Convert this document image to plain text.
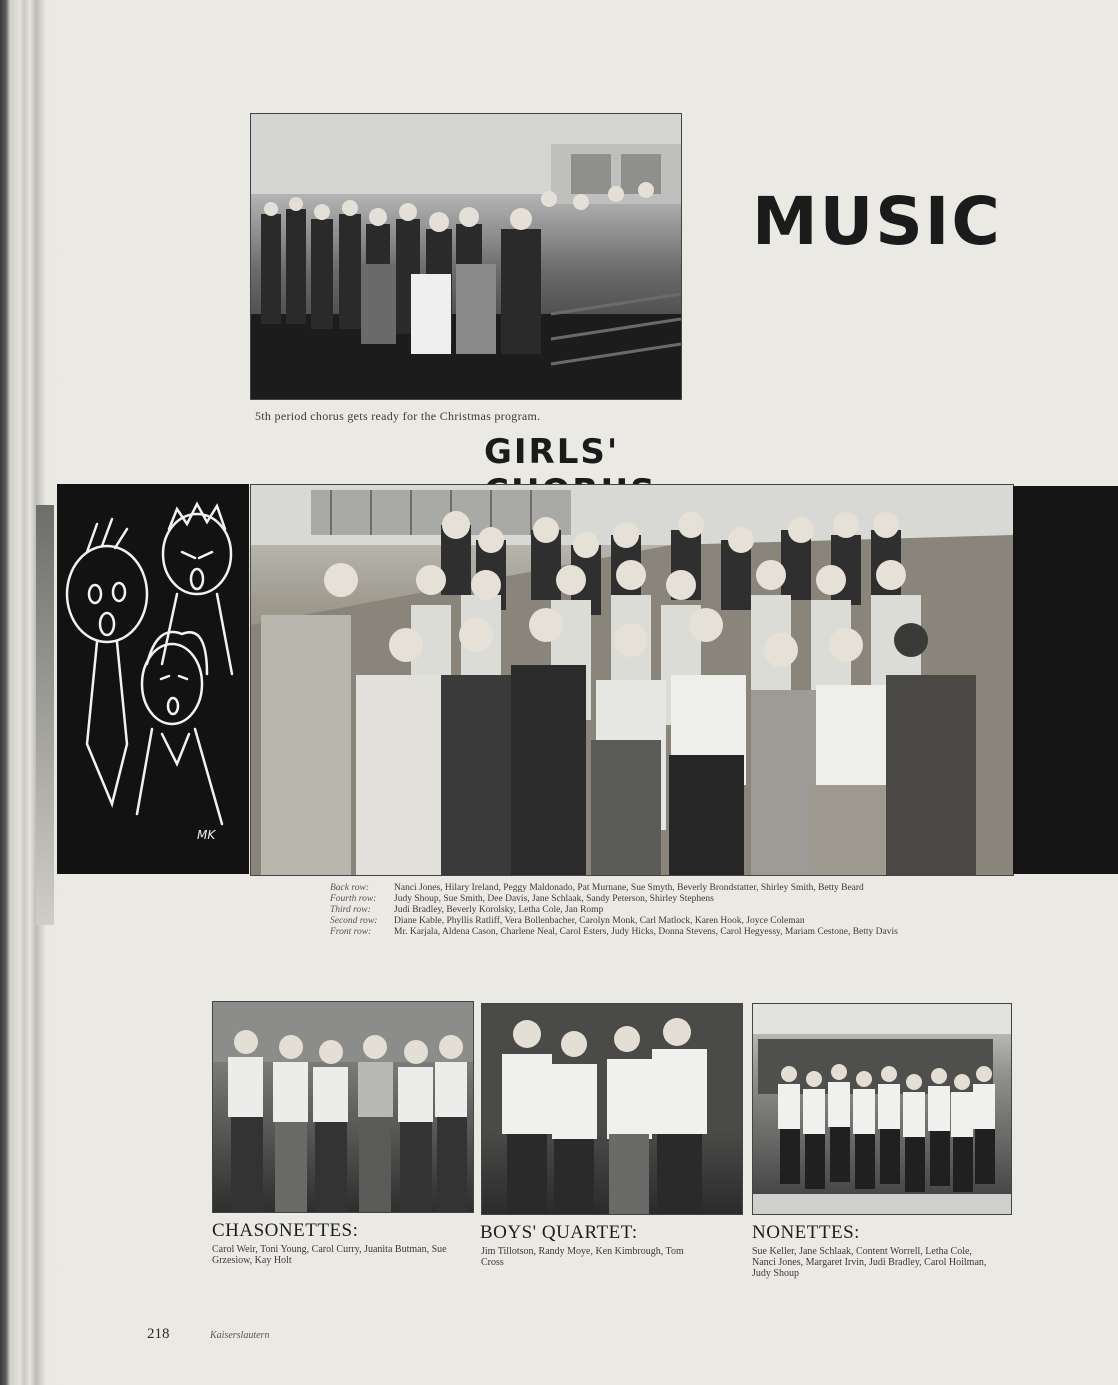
MUSIC
5th period chorus gets ready for the Christmas program.
GIRLS'
MK
Back row:	Nanci Jones, Hilary Ireland, Peggy Maldonado, Pat Murnane, Sue Smyth, Beverly Brondstatter, Shirley Smith, Betty Beard
Fourth row:	Judy Shoup, Sue Smith, Dee Davis, Jane Schlaak, Sandy Peterson, Shirley Stephens
Third row:	Judi Bradley, Beverly Korolsky, Letha Cole, Jan Romp
Second row:	Diane Kable, Phyllis Ratliff, Vera Bollenbacher, Carolyn Monk, Carl Matlock, Karen Hook, Joyce Coleman
Front row:	Mr. Karjala, Aldena Cason, Charlene Neal, Carol Esters, Judy Hicks, Donna Stevens, Carol Hegyessy, Mariam Cestone, Betty Davis
CHASONETTES:
Carol Weir, Toni Young, Carol Curry, Juanita Butman, Sue Grzesiow, Kay Holt
BOYS' QUARTET:
Jim Tillotson, Randy Moye, Ken Kimbrough, Tom Cross
NONETTES:
Sue Keller, Jane Schlaak, Content Worrell, Letha Cole, Nanci Jones, Margaret Irvin, Judi Bradley, Carol Hoilman, Judy Shoup
218	Kaiserslautern
